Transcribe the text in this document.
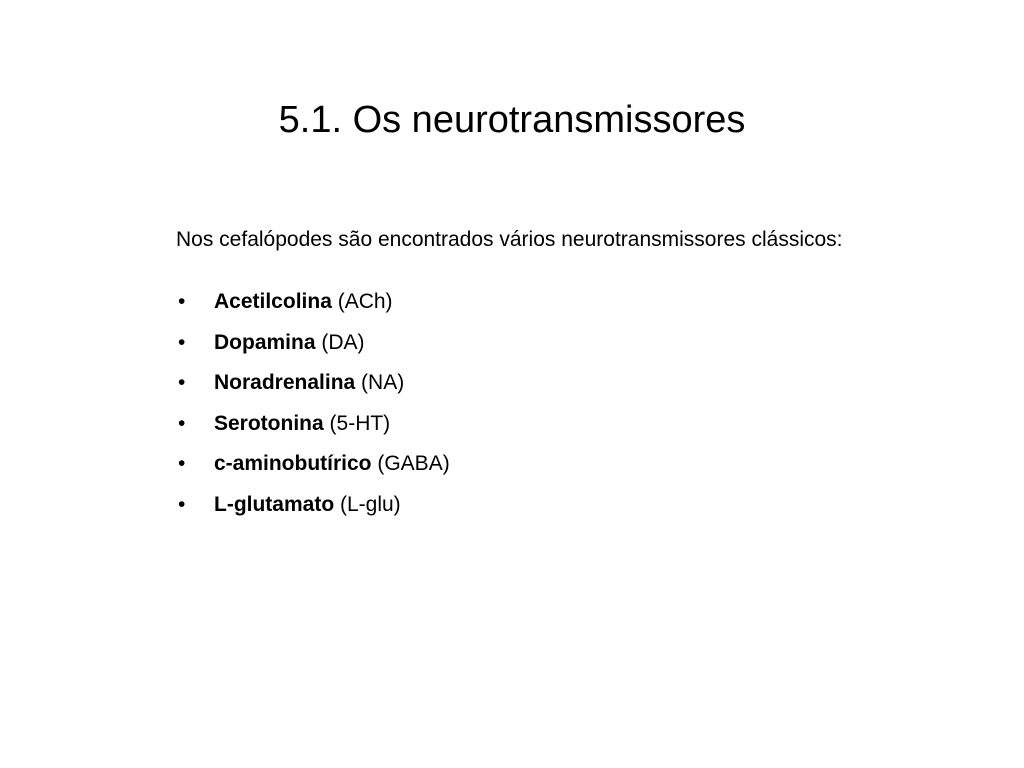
5.1. Os neurotransmissores

Nos cefalópodes são encontrados vários neurotransmissores clássicos:

• Acetilcolina (ACh)
• Dopamina (DA)
• Noradrenalina (NA)
• Serotonina (5-HT)
• c-aminobutírico (GABA)
• L-glutamato (L-glu)
